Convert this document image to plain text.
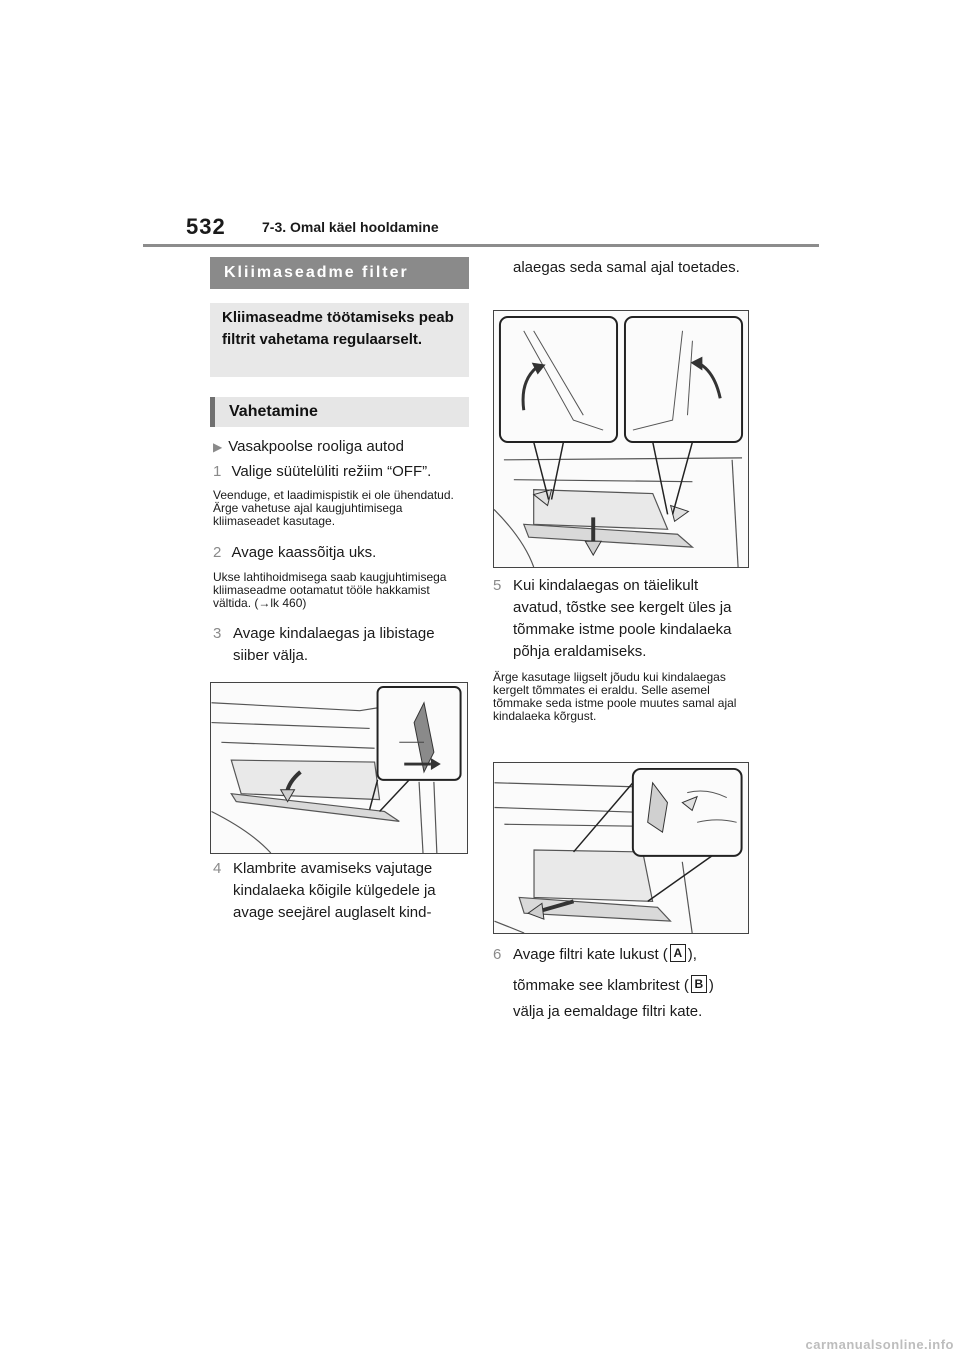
532	7-3. Omal käel hooldamine
Kliimaseadme filter
Kliimaseadme töötamiseks peab filtrit vahetama regulaarselt.
Vahetamine
▶ Vasakpoolse rooliga autod
1 Valige süütelüliti režiim “OFF”.
Veenduge, et laadimispistik ei ole ühendatud. Ärge vahetuse ajal kaugjuhtimisega kliimaseadet kasutage.
2 Avage kaassõitja uks.
Ukse lahtihoidmisega saab kaugjuhtimisega kliimaseadme ootamatut tööle hakkamist vältida. (→lk 460)
3 Avage kindalaegas ja libistage siiber välja.
4 Klambrite avamiseks vajutage kindalaeka kõigile külgedele ja avage seejärel auglaselt kind-
alaegas seda samal ajal toetades.
5 Kui kindalaegas on täielikult avatud, tõstke see kergelt üles ja tõmmake istme poole kindalaeka põhja eraldamiseks.
Ärge kasutage liigselt jõudu kui kindalaegas kergelt tõmmates ei eraldu. Selle asemel tõmmake seda istme poole muutes samal ajal kindalaeka kõrgust.
6 Avage filtri kate lukust ( A ),
tõmmake see klambritest ( B )
välja ja eemaldage filtri kate.
carmanualsonline.info
